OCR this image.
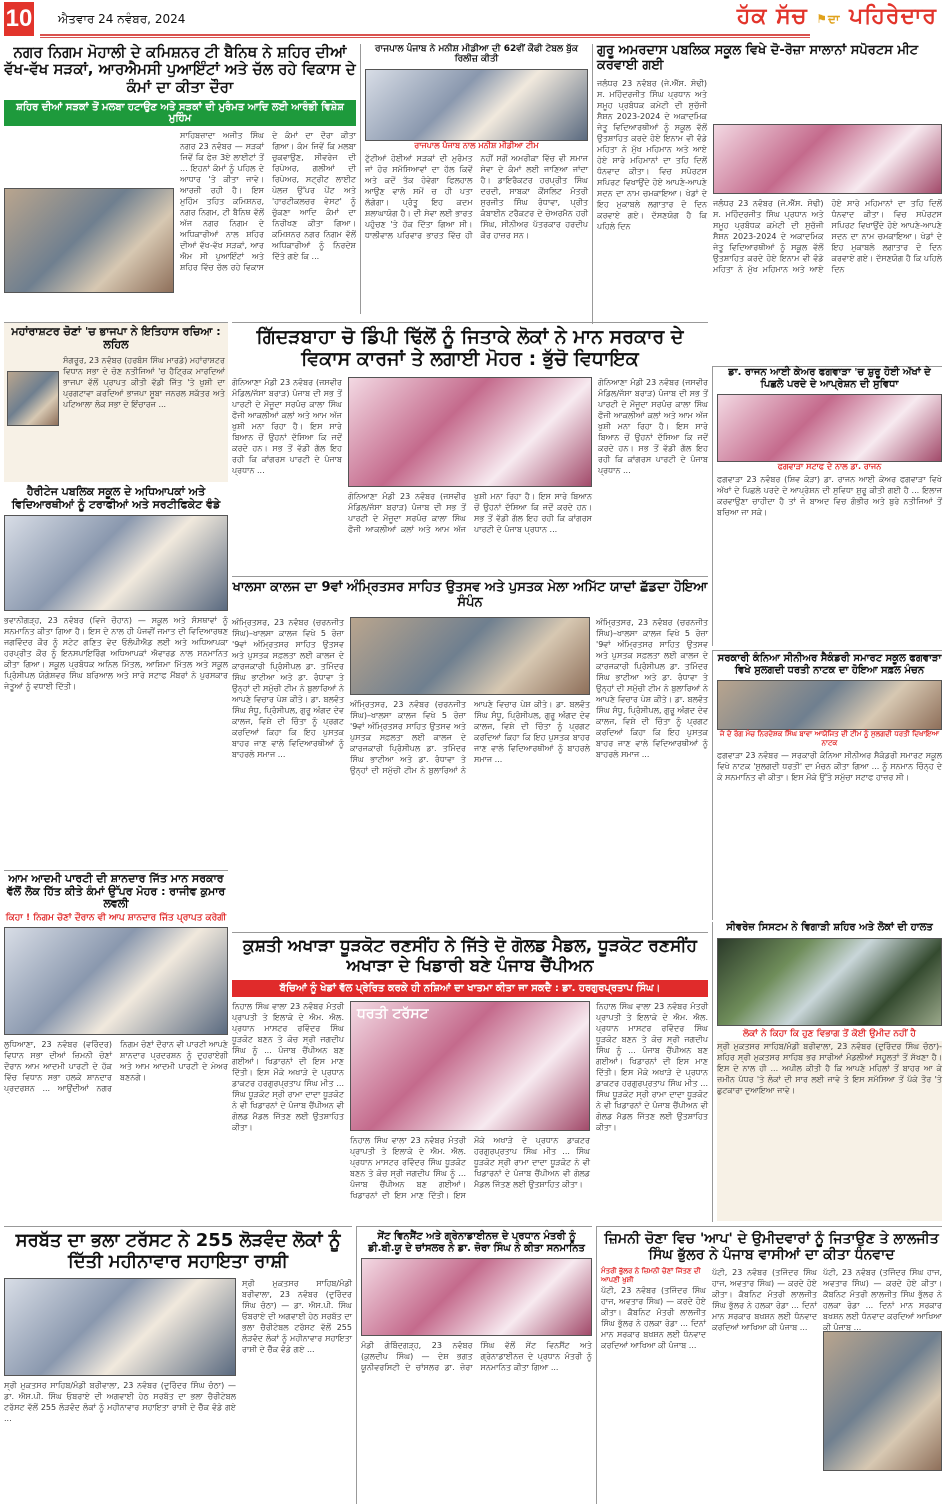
10 ਐਤਵਾਰ 24 ਨਵੰਬਰ, 2024	ਹੱਕ ਸੱਚ ⚑ਦਾ ਪਹਿਰੇਦਾਰ
ਨਗਰ ਨਿਗਮ ਮੋਹਾਲੀ ਦੇ ਕਮਿਸ਼ਨਰ ਟੀ ਬੈਨਿਥ ਨੇ ਸ਼ਹਿਰ ਦੀਆਂ ਵੱਖ-ਵੱਖ ਸੜਕਾਂ, ਆਰਐਮਸੀ ਪੁਆਇੰਟਾਂ ਅਤੇ ਚੱਲ ਰਹੇ ਵਿਕਾਸ ਦੇ ਕੰਮਾਂ ਦਾ ਕੀਤਾ ਦੌਰਾ
ਸ਼ਹਿਰ ਦੀਆਂ ਸੜਕਾਂ ਤੋਂ ਮਲਬਾ ਹਟਾਉਣ ਅਤੇ ਸੜਕਾਂ ਦੀ ਮੁਰੰਮਤ ਆਦਿ ਲਈ ਆਰੰਭੀ ਵਿਸ਼ੇਸ਼ ਮੁਹਿੰਮ
ਸਾਹਿਬਜ਼ਾਦਾ ਅਜੀਤ ਸਿੰਘ ਨਗਰ 23 ਨਵੰਬਰ — ਸੜਕਾਂ ਜਿਵੇਂ ਕਿ ਫੇਜ਼ 3ਏ ਲਾਈਟਾਂ ਤੋਂ ... ਇਹਨਾਂ ਕੰਮਾਂ ਨੂੰ ਪਹਿਲ ਦੇ ਆਧਾਰ 'ਤੇ ਕੀਤਾ ਜਾਵੇ। ਆਰਜ਼ੀ ਰਹੀ ਹੈ। ਇਸ ਮੁਹਿੰਮ ਤਹਿਤ ਕਮਿਸ਼ਨਰ, ਨਗਰ ਨਿਗਮ, ਟੀ ਬੈਨਿਥ ਵੱਲੋਂ ਅੱਜ ਨਗਰ ਨਿਗਮ ਦੇ ਅਧਿਕਾਰੀਆਂ ਨਾਲ ਸ਼ਹਿਰ ਦੀਆਂ ਵੱਖ-ਵੱਖ ਸੜਕਾਂ, ਆਰ ਐਮ ਸੀ ਪੁਆਇੰਟਾਂ ਅਤੇ ਸ਼ਹਿਰ ਵਿੱਚ ਚੱਲ ਰਹੇ ਵਿਕਾਸ ਦੇ ਕੰਮਾਂ ਦਾ ਦੌਰਾ ਕੀਤਾ ਗਿਆ। ਕੰਮ ਜਿਵੇਂ ਕਿ ਮਲਬਾ ਚੁਕਵਾਉਣ, ਸੀਵਰੇਜ ਦੀ ਰਿਪੇਅਰ, ਗਲੀਆਂ ਦੀ ਰਿਪੇਅਰ, ਸਟ੍ਰੀਟ ਲਾਈਟ ਪੋਲਜ਼ ਉੱਪਰ ਪੇਂਟ ਅਤੇ 'ਹਾਰਟੀਕਲਚਰ ਵੇਸਟ' ਨੂੰ ਚੁੱਕਣਾ ਆਦਿ ਕੰਮਾਂ ਦਾ ਨਿਰੀਖਣ ਕੀਤਾ ਗਿਆ। ਕਮਿਸ਼ਨਰ ਨਗਰ ਨਿਗਮ ਵੱਲੋਂ ਅਧਿਕਾਰੀਆਂ ਨੂੰ ਨਿਰਦੇਸ਼ ਦਿੱਤੇ ਗਏ ਕਿ ...
ਰਾਜਪਾਲ ਪੰਜਾਬ ਨੇ ਮਨੀਸ਼ ਮੀਡੀਆ ਦੀ 62ਵੀਂ ਕੌਫੀ ਟੇਬਲ ਬੁੱਕ ਰਿਲੀਜ਼ ਕੀਤੀ
ਰਾਜਪਾਲ ਪੰਜਾਬ ਨਾਲ ਮਨੀਸ਼ ਮੀਡੀਆ ਟੀਮ
ਟੁੱਟੀਆਂ ਹੋਈਆਂ ਸੜਕਾਂ ਦੀ ਮੁਰੰਮਤ ਜਾਂ ਹੋਰ ਸਮੱਸਿਆਵਾਂ ਦਾ ਹੱਲ ਕਿਵੇਂ ਅਤੇ ਕਦੋਂ ਤੱਕ ਹੋਵੇਗਾ ਫਿਲਹਾਲ ਆਉਣ ਵਾਲੇ ਸਮੇਂ ਚ ਹੀ ਪਤਾ ਲੱਗੇਗਾ। ਪ੍ਰੰਤੂ ਇਹ ਕਦਮ ਸ਼ਲਾਘਾਯੋਗ ਹੈ। ਦੀ ਸੇਵਾ ਲਈ ਭਾਰਤ ਪਹੁੰਚਣ 'ਤੇ ਹੱਕ ਦਿੱਤਾ ਗਿਆ ਸੀ। ਧਾਲੀਵਾਲ ਪਰਿਵਾਰ ਭਾਰਤ ਵਿੱਚ ਹੀ ਨਹੀਂ ਸਗੋਂ ਅਮਰੀਕਾ ਵਿੱਚ ਵੀ ਸਮਾਜ ਸੇਵਾ ਦੇ ਕੰਮਾਂ ਲਈ ਜਾਣਿਆ ਜਾਂਦਾ ਹੈ। ਡਾਇਰੈਕਟਰ ਹਰਪ੍ਰੀਤ ਸਿੰਘ ਦਰਦੀ, ਸਾਬਕਾ ਕੌਂਸਲਿਟ ਮੰਤਰੀ ਸੁਰਜੀਤ ਸਿੰਘ ਰੰਧਾਵਾ, ਪ੍ਰੀਤ ਕੰਬਾਈਨ ਟਰੈਕਟਰ ਦੇ ਚੇਅਰਮੈਨ ਹਰੀ ਸਿੰਘ, ਸੀਨੀਅਰ ਪੱਤਰਕਾਰ ਹਰਦੀਪ ਕੌਰ ਹਾਜ਼ਰ ਸਨ।
ਗੁਰੂ ਅਮਰਦਾਸ ਪਬਲਿਕ ਸਕੂਲ ਵਿਖੇ ਦੋ-ਰੋਜ਼ਾ ਸਾਲਾਨਾਂ ਸਪੋਰਟਸ ਮੀਟ ਕਰਵਾਈ ਗਈ
ਜਲੰਧਰ 23 ਨਵੰਬਰ (ਜੇ.ਐੱਸ. ਸੋਢੀ) ਸ. ਮਹਿੰਦਰਜੀਤ ਸਿੰਘ ਪ੍ਰਧਾਨ ਅਤੇ ਸਮੂਹ ਪ੍ਰਬੰਧਕ ਕਮੇਟੀ ਦੀ ਸੁਚੱਜੀ ਸੈਸ਼ਨ 2023-2024 ਦੇ ਅਕਾਦਮਿਕ ਜੇਤੂ ਵਿਦਿਆਰਥੀਆਂ ਨੂੰ ਸਕੂਲ ਵੱਲੋਂ ਉਤਸ਼ਾਹਿਤ ਕਰਦੇ ਹੋਏ ਇਨਾਮ ਵੀ ਵੰਡੇ ਮਹਿਤਾ ਨੇ ਮੁੱਖ ਮਹਿਮਾਨ ਅਤੇ ਆਏ ਹੋਏ ਸਾਰੇ ਮਹਿਮਾਨਾਂ ਦਾ ਤਹਿ ਦਿਲੋਂ ਧੰਨਵਾਦ ਕੀਤਾ। ਵਿਚ ਸਪੋਰਟਸ ਸਪਿਰਟ ਵਿਖਾਉਂਦੇ ਹੋਏ ਆਪਣੇ-ਆਪਣੇ ਸਦਨ ਦਾ ਨਾਮ ਚਮਕਾਇਆ। ਖੇਡਾਂ ਦੇ ਇਹ ਮੁਕਾਬਲੇ ਲਗਾਤਾਰ ਦੋ ਦਿਨ ਕਰਵਾਏ ਗਏ। ਦੱਸਣਯੋਗ ਹੈ ਕਿ ਪਹਿਲੇ ਦਿਨ
ਜਲੰਧਰ 23 ਨਵੰਬਰ (ਜੇ.ਐੱਸ. ਸੋਢੀ) ਸ. ਮਹਿੰਦਰਜੀਤ ਸਿੰਘ ਪ੍ਰਧਾਨ ਅਤੇ ਸਮੂਹ ਪ੍ਰਬੰਧਕ ਕਮੇਟੀ ਦੀ ਸੁਚੱਜੀ ਸੈਸ਼ਨ 2023-2024 ਦੇ ਅਕਾਦਮਿਕ ਜੇਤੂ ਵਿਦਿਆਰਥੀਆਂ ਨੂੰ ਸਕੂਲ ਵੱਲੋਂ ਉਤਸ਼ਾਹਿਤ ਕਰਦੇ ਹੋਏ ਇਨਾਮ ਵੀ ਵੰਡੇ ਮਹਿਤਾ ਨੇ ਮੁੱਖ ਮਹਿਮਾਨ ਅਤੇ ਆਏ ਹੋਏ ਸਾਰੇ ਮਹਿਮਾਨਾਂ ਦਾ ਤਹਿ ਦਿਲੋਂ ਧੰਨਵਾਦ ਕੀਤਾ। ਵਿਚ ਸਪੋਰਟਸ ਸਪਿਰਟ ਵਿਖਾਉਂਦੇ ਹੋਏ ਆਪਣੇ-ਆਪਣੇ ਸਦਨ ਦਾ ਨਾਮ ਚਮਕਾਇਆ। ਖੇਡਾਂ ਦੇ ਇਹ ਮੁਕਾਬਲੇ ਲਗਾਤਾਰ ਦੋ ਦਿਨ ਕਰਵਾਏ ਗਏ। ਦੱਸਣਯੋਗ ਹੈ ਕਿ ਪਹਿਲੇ ਦਿਨ
ਮਹਾਂਰਾਸ਼ਟਰ ਚੋਣਾਂ 'ਚ ਭਾਜਪਾ ਨੇ ਇਤਿਹਾਸ ਰਚਿਆ : ਲਹਿਲ
ਸੰਗਰੂਰ, 23 ਨਵੰਬਰ (ਹਰਬੰਸ ਸਿੰਘ ਮਾਰਡੇ) ਮਹਾਂਰਾਸ਼ਟਰ ਵਿਧਾਨ ਸਭਾ ਦੇ ਚੋਣ ਨਤੀਜਿਆਂ 'ਚ ਹੈਟ੍ਰਿਕ ਮਾਰਦਿਆਂ ਭਾਜਪਾ ਵੱਲੋਂ ਪ੍ਰਾਪਤ ਕੀਤੀ ਵੱਡੀ ਜਿੱਤ 'ਤੇ ਖੁਸ਼ੀ ਦਾ ਪ੍ਰਗਟਾਵਾ ਕਰਦਿਆਂ ਭਾਜਪਾ ਸੂਬਾ ਜਨਰਲ ਸਕੱਤਰ ਅਤੇ ਪਟਿਆਲਾ ਲੋਕ ਸਭਾ ਦੇ ਇੰਚਾਰਜ ...
ਹੈਰੀਟੇਜ ਪਬਲਿਕ ਸਕੂਲ ਦੇ ਅਧਿਆਪਕਾਂ ਅਤੇ ਵਿਦਿਆਰਥੀਆਂ ਨੂੰ ਟਰਾਫੀਆਂ ਅਤੇ ਸਰਟੀਫਿਕੇਟ ਵੰਡੇ
ਭਵਾਨੀਗੜ੍ਹ, 23 ਨਵੰਬਰ (ਵਿਜੇ ਚੌਹਾਨ) — ਸਕੂਲ ਅਤੇ ਸੰਸਥਾਵਾਂ ਨੂੰ ਸਨਮਾਨਿਤ ਕੀਤਾ ਗਿਆ ਹੈ। ਇਸ ਦੇ ਨਾਲ ਹੀ ਪੰਜਵੀਂ ਜਮਾਤ ਦੀ ਵਿਦਿਆਰਥਣ ਜਗਵਿੰਦਰ ਕੌਰ ਨੂੰ ਸਟੇਟ ਗਣਿਤ ਵੇਦ ਓਲੰਪੀਐਡ ਲਈ ਅਤੇ ਅਧਿਆਪਕਾ ਹਰਪ੍ਰੀਤ ਕੌਰ ਨੂੰ ਇਨਸਪਾਇਰਿੰਗ ਅਧਿਆਪਕਾਂ ਐਵਾਰਡ ਨਾਲ ਸਨਮਾਨਿਤ ਕੀਤਾ ਗਿਆ। ਸਕੂਲ ਪ੍ਰਬੰਧਕ ਅਨਿਲ ਮਿੱਤਲ, ਆਸ਼ਿਮਾ ਮਿੱਤਲ ਅਤੇ ਸਕੂਲ ਪ੍ਰਿੰਸੀਪਲ ਯੋਗੇਸ਼ਵਰ ਸਿੰਘ ਬਰਿਆਲ ਅਤੇ ਸਾਰੇ ਸਟਾਫ ਮੈਂਬਰਾਂ ਨੇ ਪੁਰਸਕਾਰ ਜੇਤੂਆਂ ਨੂੰ ਵਧਾਈ ਦਿੱਤੀ।
ਗਿੱਦੜਬਾਹਾ ਚੋ ਡਿੰਪੀ ਢਿੱਲੋਂ ਨੂੰ ਜਿਤਾਕੇ ਲੋਕਾਂ ਨੇ ਮਾਨ ਸਰਕਾਰ ਦੇ ਵਿਕਾਸ ਕਾਰਜਾਂ ਤੇ ਲਗਾਈ ਮੋਹਰ : ਭੁੱਚੋ ਵਿਧਾਇਕ
ਗੋਨਿਆਣਾ ਮੰਡੀ 23 ਨਵੰਬਰ (ਜਸਵੀਰ ਮੰਡਿਲ/ਜੱਸਾ ਬਰਾੜ) ਪੰਜਾਬ ਦੀ ਸਭ ਤੋਂ ਪਾਰਟੀ ਦੇ ਮੌਜੂਦਾ ਸਰਪੰਚ ਕਾਲਾ ਸਿੰਘ ਫੌਜੀ ਆਕਲੀਆਂ ਕਲਾਂ ਅਤੇ ਆਮ ਅੱਜ ਖੁਸ਼ੀ ਮਨਾ ਰਿਹਾ ਹੈ। ਇਸ ਸਾਰੇ ਬਿਆਨ ਚੋਂ ਉਹਨਾਂ ਦੱਸਿਆ ਕਿ ਜਦੋਂ ਕਰਦੇ ਹਨ। ਸਭ ਤੋਂ ਵੱਡੀ ਗੱਲ ਇਹ ਰਹੀ ਕਿ ਕਾਂਗਰਸ ਪਾਰਟੀ ਦੇ ਪੰਜਾਬ ਪ੍ਰਧਾਨ ...
ਗੋਨਿਆਣਾ ਮੰਡੀ 23 ਨਵੰਬਰ (ਜਸਵੀਰ ਮੰਡਿਲ/ਜੱਸਾ ਬਰਾੜ) ਪੰਜਾਬ ਦੀ ਸਭ ਤੋਂ ਪਾਰਟੀ ਦੇ ਮੌਜੂਦਾ ਸਰਪੰਚ ਕਾਲਾ ਸਿੰਘ ਫੌਜੀ ਆਕਲੀਆਂ ਕਲਾਂ ਅਤੇ ਆਮ ਅੱਜ ਖੁਸ਼ੀ ਮਨਾ ਰਿਹਾ ਹੈ। ਇਸ ਸਾਰੇ ਬਿਆਨ ਚੋਂ ਉਹਨਾਂ ਦੱਸਿਆ ਕਿ ਜਦੋਂ ਕਰਦੇ ਹਨ। ਸਭ ਤੋਂ ਵੱਡੀ ਗੱਲ ਇਹ ਰਹੀ ਕਿ ਕਾਂਗਰਸ ਪਾਰਟੀ ਦੇ ਪੰਜਾਬ ਪ੍ਰਧਾਨ ...
ਗੋਨਿਆਣਾ ਮੰਡੀ 23 ਨਵੰਬਰ (ਜਸਵੀਰ ਮੰਡਿਲ/ਜੱਸਾ ਬਰਾੜ) ਪੰਜਾਬ ਦੀ ਸਭ ਤੋਂ ਪਾਰਟੀ ਦੇ ਮੌਜੂਦਾ ਸਰਪੰਚ ਕਾਲਾ ਸਿੰਘ ਫੌਜੀ ਆਕਲੀਆਂ ਕਲਾਂ ਅਤੇ ਆਮ ਅੱਜ ਖੁਸ਼ੀ ਮਨਾ ਰਿਹਾ ਹੈ। ਇਸ ਸਾਰੇ ਬਿਆਨ ਚੋਂ ਉਹਨਾਂ ਦੱਸਿਆ ਕਿ ਜਦੋਂ ਕਰਦੇ ਹਨ। ਸਭ ਤੋਂ ਵੱਡੀ ਗੱਲ ਇਹ ਰਹੀ ਕਿ ਕਾਂਗਰਸ ਪਾਰਟੀ ਦੇ ਪੰਜਾਬ ਪ੍ਰਧਾਨ ...
ਖਾਲਸਾ ਕਾਲਜ ਦਾ 9ਵਾਂ ਅੰਮ੍ਰਿਤਸਰ ਸਾਹਿਤ ਉਤਸਵ ਅਤੇ ਪੁਸਤਕ ਮੇਲਾ ਅਮਿੱਟ ਯਾਦਾਂ ਛੱਡਦਾ ਹੋਇਆ ਸੰਪੰਨ
ਅੰਮ੍ਰਿਤਸਰ, 23 ਨਵੰਬਰ (ਚਰਨਜੀਤ ਸਿੰਘ)–ਖਾਲਸਾ ਕਾਲਜ ਵਿਖੇ 5 ਰੋਜ਼ਾ '9ਵਾਂ ਅੰਮ੍ਰਿਤਸਰ ਸਾਹਿਤ ਉਤਸਵ ਅਤੇ ਪੁਸਤਕ ਸਫ਼ਲਤਾ ਲਈ ਕਾਲਜ ਦੇ ਕਾਰਜਕਾਰੀ ਪ੍ਰਿੰਸੀਪਲ ਡਾ. ਤਮਿੰਦਰ ਸਿੰਘ ਭਾਟੀਆ ਅਤੇ ਡਾ. ਰੰਧਾਵਾ ਤੇ ਉਨ੍ਹਾਂ ਦੀ ਸਮੁੱਚੀ ਟੀਮ ਨੇ ਬੁਲਾਰਿਆਂ ਨੇ ਆਪਣੇ ਵਿਚਾਰ ਪੇਸ਼ ਕੀਤੇ। ਡਾ. ਬਲਵੰਤ ਸਿੰਘ ਸੰਧੂ, ਪ੍ਰਿੰਸੀਪਲ, ਗੁਰੂ ਅੰਗਦ ਦੇਵ ਕਾਲਜ, ਵਿਸ਼ੇ ਦੀ ਚਿੰਤਾ ਨੂੰ ਪ੍ਰਗਟ ਕਰਦਿਆਂ ਕਿਹਾ ਕਿ ਇਹ ਪੁਸਤਕ ਬਾਹਰ ਜਾਣ ਵਾਲੇ ਵਿਦਿਆਰਥੀਆਂ ਨੂੰ ਬਾਹਰਲੇ ਸਮਾਜ ...
ਅੰਮ੍ਰਿਤਸਰ, 23 ਨਵੰਬਰ (ਚਰਨਜੀਤ ਸਿੰਘ)–ਖਾਲਸਾ ਕਾਲਜ ਵਿਖੇ 5 ਰੋਜ਼ਾ '9ਵਾਂ ਅੰਮ੍ਰਿਤਸਰ ਸਾਹਿਤ ਉਤਸਵ ਅਤੇ ਪੁਸਤਕ ਸਫ਼ਲਤਾ ਲਈ ਕਾਲਜ ਦੇ ਕਾਰਜਕਾਰੀ ਪ੍ਰਿੰਸੀਪਲ ਡਾ. ਤਮਿੰਦਰ ਸਿੰਘ ਭਾਟੀਆ ਅਤੇ ਡਾ. ਰੰਧਾਵਾ ਤੇ ਉਨ੍ਹਾਂ ਦੀ ਸਮੁੱਚੀ ਟੀਮ ਨੇ ਬੁਲਾਰਿਆਂ ਨੇ ਆਪਣੇ ਵਿਚਾਰ ਪੇਸ਼ ਕੀਤੇ। ਡਾ. ਬਲਵੰਤ ਸਿੰਘ ਸੰਧੂ, ਪ੍ਰਿੰਸੀਪਲ, ਗੁਰੂ ਅੰਗਦ ਦੇਵ ਕਾਲਜ, ਵਿਸ਼ੇ ਦੀ ਚਿੰਤਾ ਨੂੰ ਪ੍ਰਗਟ ਕਰਦਿਆਂ ਕਿਹਾ ਕਿ ਇਹ ਪੁਸਤਕ ਬਾਹਰ ਜਾਣ ਵਾਲੇ ਵਿਦਿਆਰਥੀਆਂ ਨੂੰ ਬਾਹਰਲੇ ਸਮਾਜ ...
ਅੰਮ੍ਰਿਤਸਰ, 23 ਨਵੰਬਰ (ਚਰਨਜੀਤ ਸਿੰਘ)–ਖਾਲਸਾ ਕਾਲਜ ਵਿਖੇ 5 ਰੋਜ਼ਾ '9ਵਾਂ ਅੰਮ੍ਰਿਤਸਰ ਸਾਹਿਤ ਉਤਸਵ ਅਤੇ ਪੁਸਤਕ ਸਫ਼ਲਤਾ ਲਈ ਕਾਲਜ ਦੇ ਕਾਰਜਕਾਰੀ ਪ੍ਰਿੰਸੀਪਲ ਡਾ. ਤਮਿੰਦਰ ਸਿੰਘ ਭਾਟੀਆ ਅਤੇ ਡਾ. ਰੰਧਾਵਾ ਤੇ ਉਨ੍ਹਾਂ ਦੀ ਸਮੁੱਚੀ ਟੀਮ ਨੇ ਬੁਲਾਰਿਆਂ ਨੇ ਆਪਣੇ ਵਿਚਾਰ ਪੇਸ਼ ਕੀਤੇ। ਡਾ. ਬਲਵੰਤ ਸਿੰਘ ਸੰਧੂ, ਪ੍ਰਿੰਸੀਪਲ, ਗੁਰੂ ਅੰਗਦ ਦੇਵ ਕਾਲਜ, ਵਿਸ਼ੇ ਦੀ ਚਿੰਤਾ ਨੂੰ ਪ੍ਰਗਟ ਕਰਦਿਆਂ ਕਿਹਾ ਕਿ ਇਹ ਪੁਸਤਕ ਬਾਹਰ ਜਾਣ ਵਾਲੇ ਵਿਦਿਆਰਥੀਆਂ ਨੂੰ ਬਾਹਰਲੇ ਸਮਾਜ ...
ਆਮ ਆਦਮੀ ਪਾਰਟੀ ਦੀ ਸ਼ਾਨਦਾਰ ਜਿੱਤ ਮਾਨ ਸਰਕਾਰ ਵੱਲੋਂ ਲੋਕ ਹਿੱਤ ਕੀਤੇ ਕੰਮਾਂ ਉੱਪਰ ਮੋਹਰ : ਰਾਜੀਵ ਕੁਮਾਰ ਲਵਲੀ
ਕਿਹਾ ! ਨਿਗਮ ਚੋਣਾਂ ਦੌਰਾਨ ਵੀ ਆਪ ਸ਼ਾਨਦਾਰ ਜਿੱਤ ਪ੍ਰਾਪਤ ਕਰੇਗੀ
ਲੁਧਿਆਣਾ, 23 ਨਵੰਬਰ (ਵਰਿੰਦਰ) ਵਿਧਾਨ ਸਭਾ ਦੀਆਂ ਜ਼ਿਮਨੀ ਚੋਣਾਂ ਦੌਰਾਨ ਆਮ ਆਦਮੀ ਪਾਰਟੀ ਦੇ ਹੱਕ ਵਿੱਚ ਵਿਧਾਨ ਸਭਾ ਹਲਕੇ ਸ਼ਾਨਦਾਰ ਪ੍ਰਦਰਸ਼ਨ ... ਆਉਂਦੀਆਂ ਨਗਰ ਨਿਗਮ ਚੋਣਾਂ ਦੌਰਾਨ ਵੀ ਪਾਰਟੀ ਆਪਣੇ ਸ਼ਾਨਦਾਰ ਪ੍ਰਦਰਸ਼ਨ ਨੂੰ ਦੁਹਰਾਏਗੀ ਅਤੇ ਆਮ ਆਦਮੀ ਪਾਰਟੀ ਦੇ ਮੇਅਰ ਬਣਨਗੇ।
ਕੁਸ਼ਤੀ ਅਖਾੜਾ ਧੂੜਕੋਟ ਰਣਸੀਂਹ ਨੇ ਜਿੱਤੇ ਦੋ ਗੋਲਡ ਮੈਡਲ, ਧੂੜਕੋਟ ਰਣਸੀਂਹ ਅਖਾੜਾ ਦੇ ਖਿਡਾਰੀ ਬਣੇ ਪੰਜਾਬ ਚੈਂਪੀਅਨ
ਬੱਚਿਆਂ ਨੂੰ ਖੇਡਾਂ ਵੱਲ ਪ੍ਰੇਰਿਤ ਕਰਕੇ ਹੀ ਨਸ਼ਿਆਂ ਦਾ ਖਾਤਮਾ ਕੀਤਾ ਜਾ ਸਕਦੈ : ਡਾ. ਹਰਗੁਰਪ੍ਰਤਾਪ ਸਿੰਘ।
ਨਿਹਾਲ ਸਿੰਘ ਵਾਲਾ 23 ਨਵੰਬਰ ਮੰਤਰੀ ਪ੍ਰਾਪਤੀ ਤੇ ਇਲਾਕੇ ਦੇ ਐਮ. ਐਲ. ਪ੍ਰਧਾਨ ਮਾਸਟਰ ਰਵਿੰਦਰ ਸਿੰਘ ਧੂੜਕੋਟ ਬਣਨ ਤੇ ਕੋਚ ਸ੍ਰੀ ਜਗਦੀਪ ਸਿੰਘ ਨੂੰ ... ਪੰਜਾਬ ਚੈਂਪੀਅਨ ਬਣ ਗਈਆਂ। ਖਿਡਾਰਨਾਂ ਦੀ ਇਸ ਮਾਣ ਦਿੱਤੀ। ਇਸ ਮੌਕੇ ਅਖਾੜੇ ਦੇ ਪ੍ਰਧਾਨ ਡਾਕਟਰ ਹਰਗੁਰਪ੍ਰਤਾਪ ਸਿੰਘ ਮੀਤ ... ਸਿੰਘ ਧੂੜਕੋਟ ਸ੍ਰੀ ਰਾਮਾ ਦਾਦਾ ਧੂੜਕੋਟ ਨੇ ਵੀ ਖਿਡਾਰਨਾਂ ਦੇ ਪੰਜਾਬ ਚੈਂਪੀਅਨ ਵੀ ਗੋਲਡ ਮੈਡਲ ਜਿੱਤਣ ਲਈ ਉਤਸ਼ਾਹਿਤ ਕੀਤਾ।
ਧਰਤੀ ਟਰੱਸਟ
ਨਿਹਾਲ ਸਿੰਘ ਵਾਲਾ 23 ਨਵੰਬਰ ਮੰਤਰੀ ਪ੍ਰਾਪਤੀ ਤੇ ਇਲਾਕੇ ਦੇ ਐਮ. ਐਲ. ਪ੍ਰਧਾਨ ਮਾਸਟਰ ਰਵਿੰਦਰ ਸਿੰਘ ਧੂੜਕੋਟ ਬਣਨ ਤੇ ਕੋਚ ਸ੍ਰੀ ਜਗਦੀਪ ਸਿੰਘ ਨੂੰ ... ਪੰਜਾਬ ਚੈਂਪੀਅਨ ਬਣ ਗਈਆਂ। ਖਿਡਾਰਨਾਂ ਦੀ ਇਸ ਮਾਣ ਦਿੱਤੀ। ਇਸ ਮੌਕੇ ਅਖਾੜੇ ਦੇ ਪ੍ਰਧਾਨ ਡਾਕਟਰ ਹਰਗੁਰਪ੍ਰਤਾਪ ਸਿੰਘ ਮੀਤ ... ਸਿੰਘ ਧੂੜਕੋਟ ਸ੍ਰੀ ਰਾਮਾ ਦਾਦਾ ਧੂੜਕੋਟ ਨੇ ਵੀ ਖਿਡਾਰਨਾਂ ਦੇ ਪੰਜਾਬ ਚੈਂਪੀਅਨ ਵੀ ਗੋਲਡ ਮੈਡਲ ਜਿੱਤਣ ਲਈ ਉਤਸ਼ਾਹਿਤ ਕੀਤਾ।
ਨਿਹਾਲ ਸਿੰਘ ਵਾਲਾ 23 ਨਵੰਬਰ ਮੰਤਰੀ ਪ੍ਰਾਪਤੀ ਤੇ ਇਲਾਕੇ ਦੇ ਐਮ. ਐਲ. ਪ੍ਰਧਾਨ ਮਾਸਟਰ ਰਵਿੰਦਰ ਸਿੰਘ ਧੂੜਕੋਟ ਬਣਨ ਤੇ ਕੋਚ ਸ੍ਰੀ ਜਗਦੀਪ ਸਿੰਘ ਨੂੰ ... ਪੰਜਾਬ ਚੈਂਪੀਅਨ ਬਣ ਗਈਆਂ। ਖਿਡਾਰਨਾਂ ਦੀ ਇਸ ਮਾਣ ਦਿੱਤੀ। ਇਸ ਮੌਕੇ ਅਖਾੜੇ ਦੇ ਪ੍ਰਧਾਨ ਡਾਕਟਰ ਹਰਗੁਰਪ੍ਰਤਾਪ ਸਿੰਘ ਮੀਤ ... ਸਿੰਘ ਧੂੜਕੋਟ ਸ੍ਰੀ ਰਾਮਾ ਦਾਦਾ ਧੂੜਕੋਟ ਨੇ ਵੀ ਖਿਡਾਰਨਾਂ ਦੇ ਪੰਜਾਬ ਚੈਂਪੀਅਨ ਵੀ ਗੋਲਡ ਮੈਡਲ ਜਿੱਤਣ ਲਈ ਉਤਸ਼ਾਹਿਤ ਕੀਤਾ।
ਡਾ. ਰਾਜਨ ਆਈ ਕੇਅਰ ਫਗਵਾੜਾ 'ਚ ਸ਼ੁਰੂ ਹੋਈ ਅੱਖਾਂ ਦੇ ਪਿਛਲੇ ਪਰਦੇ ਦੇ ਆਪ੍ਰੇਸ਼ਨ ਦੀ ਸੁਵਿਧਾ
ਫਗਵਾੜਾ ਸਟਾਫ ਦੇ ਨਾਲ ਡਾ. ਰਾਜਨ
ਫਗਵਾੜਾ 23 ਨਵੰਬਰ (ਸ਼ਿਵ ਕੋੜਾ) ਡਾ. ਰਾਜਨ ਆਈ ਕੇਅਰ ਫਗਵਾੜਾ ਵਿਖੇ ਅੱਖਾਂ ਦੇ ਪਿਛਲੇ ਪਰਦੇ ਦੇ ਆਪ੍ਰੇਸ਼ਨ ਦੀ ਸੁਵਿਧਾ ਸ਼ੁਰੂ ਕੀਤੀ ਗਈ ਹੈ ... ਇਲਾਜ ਕਰਵਾਉਣਾ ਚਾਹੀਦਾ ਹੈ ਤਾਂ ਜੋ ਬਾਅਦ ਵਿਚ ਗੰਭੀਰ ਅਤੇ ਬੁਰੇ ਨਤੀਜਿਆਂ ਤੋਂ ਬਚਿਆ ਜਾ ਸਕੇ।
ਸਰਕਾਰੀ ਕੰਨਿਆ ਸੀਨੀਅਰ ਸੈਕੰਡਰੀ ਸਮਾਰਟ ਸਕੂਲ ਫਗਵਾੜਾ ਵਿਖੇ ਸੁਲਗਦੀ ਧਰਤੀ ਨਾਟਕ ਦਾ ਹੋਇਆ ਸਫ਼ਲ ਮੰਚਨ
ਜੇ ਦੇ ਰੰਗ ਮੰਚ ਨਿਰਦੇਸ਼ਕ ਸਿੰਘ ਬਾਵਾ ਆਯੋਜਿਤ ਦੀ ਟੀਮ ਨੂੰ ਸੁਲਗਦੀ ਧਰਤੀ ਦਿਖਾਇਆ ਨਾਟਕ
ਫਗਵਾੜਾ 23 ਨਵੰਬਰ — ਸਰਕਾਰੀ ਕੰਨਿਆ ਸੀਨੀਅਰ ਸੈਕੰਡਰੀ ਸਮਾਰਟ ਸਕੂਲ ਵਿਖੇ ਨਾਟਕ 'ਸੁਲਗਦੀ ਧਰਤੀ' ਦਾ ਮੰਚਨ ਕੀਤਾ ਗਿਆ ... ਨੂੰ ਸਨਮਾਨ ਚਿੰਨ੍ਹ ਦੇ ਕੇ ਸਨਮਾਨਿਤ ਵੀ ਕੀਤਾ। ਇਸ ਮੌਕੇ ਉੱਤੇ ਸਮੁੱਚਾ ਸਟਾਫ ਹਾਜ਼ਰ ਸੀ।
ਸੀਵਰੇਜ਼ ਸਿਸਟਮ ਨੇ ਵਿਗਾੜੀ ਸ਼ਹਿਰ ਅਤੇ ਲੋਕਾਂ ਦੀ ਹਾਲਤ
ਲੋਕਾਂ ਨੇ ਕਿਹਾ ਕਿ ਹੁਣ ਵਿਭਾਗ ਤੋਂ ਕੋਈ ਉਮੀਦ ਨਹੀਂ ਹੈ
ਸ੍ਰੀ ਮੁਕਤਸਰ ਸਾਹਿਬ/ਮੰਡੀ ਬਰੀਵਾਲਾ, 23 ਨਵੰਬਰ (ਦੁਰਿੰਦਰ ਸਿੰਘ ਚੰਠਾ)-ਸ਼ਹਿਰ ਸ੍ਰੀ ਮੁਕਤਸਰ ਸਾਹਿਬ ਭਰ ਸਾਰੀਆਂ ਮੰਡਲੀਆਂ ਸਹੂਲਤਾਂ ਤੋਂ ਸੱਖਣਾ ਹੈ। ਇਸ ਦੇ ਨਾਲ ਹੀ ... ਅਪੀਲ ਕੀਤੀ ਹੈ ਕਿ ਆਪਣੇ ਮਹਿਲਾਂ ਤੋਂ ਬਾਹਰ ਆ ਕੇ ਜ਼ਮੀਨ ਪੱਧਰ 'ਤੇ ਲੋਕਾਂ ਦੀ ਸਾਰ ਲਈ ਜਾਵੇ ਤੇ ਇਸ ਸਮੱਸਿਆ ਤੋਂ ਪੱਕੇ ਤੌਰ 'ਤੇ ਛੁਟਕਾਰਾ ਦੁਆਇਆ ਜਾਵੇ।
ਸਰਬੱਤ ਦਾ ਭਲਾ ਟਰੱਸਟ ਨੇ 255 ਲੋੜਵੰਦ ਲੋਕਾਂ ਨੂੰ ਦਿੱਤੀ ਮਹੀਨਾਵਾਰ ਸਹਾਇਤਾ ਰਾਸ਼ੀ
ਸ੍ਰੀ ਮੁਕਤਸਰ ਸਾਹਿਬ/ਮੰਡੀ ਬਰੀਵਾਲਾ, 23 ਨਵੰਬਰ (ਦੁਰਿੰਦਰ ਸਿੰਘ ਚੰਠਾ) — ਡਾ. ਐਸ.ਪੀ. ਸਿੰਘ ਓਬਰਾਏ ਦੀ ਅਗਵਾਈ ਹੇਠ ਸਰਬੱਤ ਦਾ ਭਲਾ ਚੈਰੀਟੇਬਲ ਟਰੱਸਟ ਵੱਲੋਂ 255 ਲੋੜਵੰਦ ਲੋਕਾਂ ਨੂੰ ਮਹੀਨਾਵਾਰ ਸਹਾਇਤਾ ਰਾਸ਼ੀ ਦੇ ਚੈੱਕ ਵੰਡੇ ਗਏ ...
ਸ੍ਰੀ ਮੁਕਤਸਰ ਸਾਹਿਬ/ਮੰਡੀ ਬਰੀਵਾਲਾ, 23 ਨਵੰਬਰ (ਦੁਰਿੰਦਰ ਸਿੰਘ ਚੰਠਾ) — ਡਾ. ਐਸ.ਪੀ. ਸਿੰਘ ਓਬਰਾਏ ਦੀ ਅਗਵਾਈ ਹੇਠ ਸਰਬੱਤ ਦਾ ਭਲਾ ਚੈਰੀਟੇਬਲ ਟਰੱਸਟ ਵੱਲੋਂ 255 ਲੋੜਵੰਦ ਲੋਕਾਂ ਨੂੰ ਮਹੀਨਾਵਾਰ ਸਹਾਇਤਾ ਰਾਸ਼ੀ ਦੇ ਚੈੱਕ ਵੰਡੇ ਗਏ ...
ਸੇਂਟ ਵਿਨਸੈਂਟ ਅਤੇ ਗ੍ਰੇਨਾਡਾਈਨਜ਼ ਦੇ ਪ੍ਰਧਾਨ ਮੰਤਰੀ ਨੂੰ ਡੀ.ਬੀ.ਯੂ ਦੇ ਚਾਂਸਲਰ ਨੇ ਡਾ. ਜ਼ੋਰਾ ਸਿੰਘ ਨੇ ਕੀਤਾ ਸਨਮਾਨਿਤ
ਮੰਡੀ ਗੋਬਿੰਦਗੜ੍ਹ, 23 ਨਵੰਬਰ (ਕੁਲਦੀਪ ਸਿੰਘ) — ਦੇਸ਼ ਭਗਤ ਯੂਨੀਵਰਸਿਟੀ ਦੇ ਚਾਂਸਲਰ ਡਾ. ਜ਼ੋਰਾ ਸਿੰਘ ਵੱਲੋਂ ਸੇਂਟ ਵਿਨਸੈਂਟ ਅਤੇ ਗ੍ਰੇਨਾਡਾਈਨਜ਼ ਦੇ ਪ੍ਰਧਾਨ ਮੰਤਰੀ ਨੂੰ ਸਨਮਾਨਿਤ ਕੀਤਾ ਗਿਆ ...
ਜ਼ਿਮਨੀ ਚੋਣਾ ਵਿਚ 'ਆਪ' ਦੇ ਉਮੀਦਵਾਰਾਂ ਨੂੰ ਜਿਤਾਉਣ ਤੇ ਲਾਲਜੀਤ ਸਿੰਘ ਭੁੱਲਰ ਨੇ ਪੰਜਾਬ ਵਾਸੀਆਂ ਦਾ ਕੀਤਾ ਧੰਨਵਾਦ
ਮੰਤਰੀ ਭੁੱਲਰ ਨੇ ਜ਼ਿਮਨੀ ਚੋਣਾਂ ਜਿੱਤਣ ਦੀ ਆਪਣੀ ਖੁਸ਼ੀ
ਪੱਟੀ, 23 ਨਵੰਬਰ (ਤਜਿੰਦਰ ਸਿੰਘ ਹਾਜ, ਅਵਤਾਰ ਸਿੰਘ) — ਕਰਦੇ ਹੋਏ ਕੀਤਾ। ਕੈਬਨਿਟ ਮੰਤਰੀ ਲਾਲਜੀਤ ਸਿੰਘ ਭੁੱਲਰ ਨੇ ਹਲਕਾ ਰੋਡਾ ... ਦਿਨਾਂ ਮਾਨ ਸਰਕਾਰ ਬਖਸ਼ਨ ਲਈ ਧੰਨਵਾਦ ਕਰਦਿਆਂ ਆਖਿਆ ਕੀ ਪੰਜਾਬ ...
ਪੱਟੀ, 23 ਨਵੰਬਰ (ਤਜਿੰਦਰ ਸਿੰਘ ਹਾਜ, ਅਵਤਾਰ ਸਿੰਘ) — ਕਰਦੇ ਹੋਏ ਕੀਤਾ। ਕੈਬਨਿਟ ਮੰਤਰੀ ਲਾਲਜੀਤ ਸਿੰਘ ਭੁੱਲਰ ਨੇ ਹਲਕਾ ਰੋਡਾ ... ਦਿਨਾਂ ਮਾਨ ਸਰਕਾਰ ਬਖਸ਼ਨ ਲਈ ਧੰਨਵਾਦ ਕਰਦਿਆਂ ਆਖਿਆ ਕੀ ਪੰਜਾਬ ...
ਪੱਟੀ, 23 ਨਵੰਬਰ (ਤਜਿੰਦਰ ਸਿੰਘ ਹਾਜ, ਅਵਤਾਰ ਸਿੰਘ) — ਕਰਦੇ ਹੋਏ ਕੀਤਾ। ਕੈਬਨਿਟ ਮੰਤਰੀ ਲਾਲਜੀਤ ਸਿੰਘ ਭੁੱਲਰ ਨੇ ਹਲਕਾ ਰੋਡਾ ... ਦਿਨਾਂ ਮਾਨ ਸਰਕਾਰ ਬਖਸ਼ਨ ਲਈ ਧੰਨਵਾਦ ਕਰਦਿਆਂ ਆਖਿਆ ਕੀ ਪੰਜਾਬ ...
